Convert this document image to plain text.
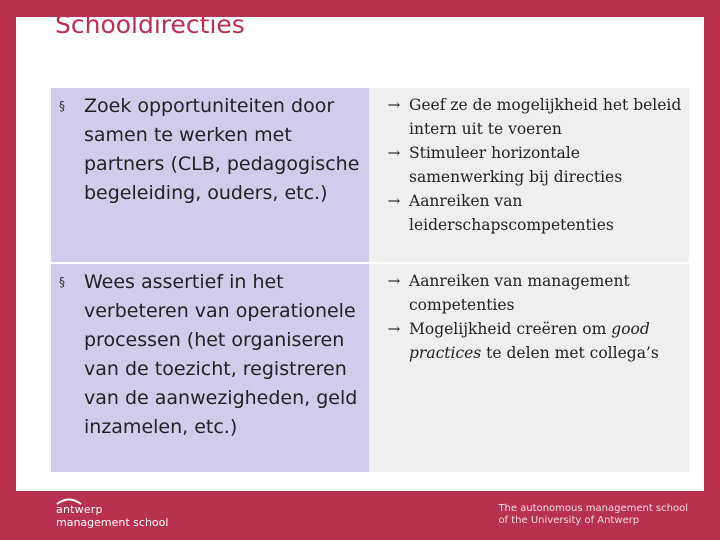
Schooldirecties
§	Zoek opportuniteiten door samen te werken met partners (CLB, pedagogische begeleiding, ouders, etc.)
→ Geef ze de mogelijkheid het beleid intern uit te voeren
→ Stimuleer horizontale samenwerking bij directies
→ Aanreiken van leiderschapscompetenties
§	Wees assertief in het verbeteren van operationele processen (het organiseren van de toezicht, registreren van de aanwezigheden, geld inzamelen, etc.)
→ Aanreiken van management competenties
→ Mogelijkheid creëren om good practices te delen met collega’s
antwerp
management school
The autonomous management school
of the University of Antwerp
